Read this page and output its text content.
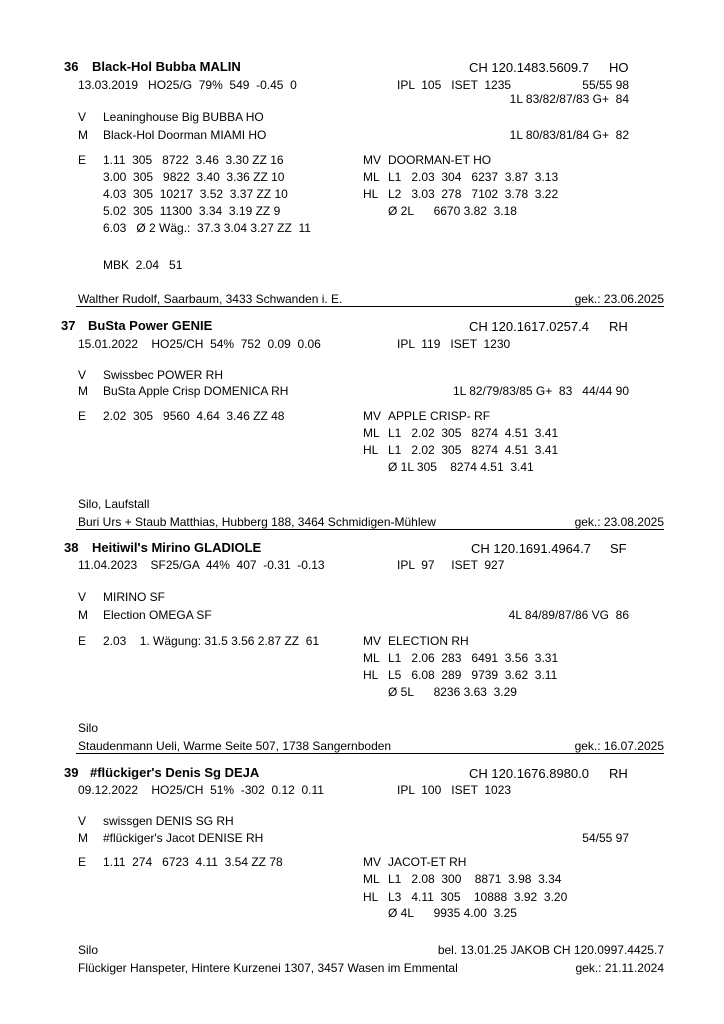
36 Black-Hol Bubba MALIN	CH 120.1483.5609.7 HO
13.03.2019   HO25/G  79%  549  -0.45  0	IPL  105   ISET  1235	55/55 98
1L 83/82/87/83 G+  84
V Leaninghouse Big BUBBA HO
M Black-Hol Doorman MIAMI HO	1L 80/83/81/84 G+  82
E 1.11  305   8722  3.46  3.30 ZZ 16
3.00  305   9822  3.40  3.36 ZZ 10
4.03  305  10217  3.52  3.37 ZZ 10
5.02  305  11300  3.34  3.19 ZZ 9
6.03   Ø 2 Wäg.:  37.3 3.04 3.27 ZZ  11
MBK  2.04   51
MV DOORMAN-ET HO
ML L1   2.03  304   6237  3.87  3.13
HL L2   3.03  278   7102  3.78  3.22
Ø 2L      6670 3.82  3.18
Walther Rudolf, Saarbaum, 3433 Schwanden i. E.	gek.: 23.06.2025
37 BuSta Power GENIE	CH 120.1617.0257.4 RH
15.01.2022    HO25/CH  54%  752  0.09  0.06	IPL  119   ISET  1230
V Swissbec POWER RH
M BuSta Apple Crisp DOMENICA RH	1L 82/79/83/85 G+  83   44/44 90
E 2.02  305   9560  4.64  3.46 ZZ 48	MV APPLE CRISP- RF
ML L1   2.02  305   8274  4.51  3.41
HL L1   2.02  305   8274  4.51  3.41
Ø 1L 305    8274 4.51  3.41
Silo, Laufstall
Buri Urs + Staub Matthias, Hubberg 188, 3464 Schmidigen-Mühlew	gek.: 23.08.2025
38 Heitiwil's Mirino GLADIOLE	CH 120.1691.4964.7 SF
11.04.2023    SF25/GA  44%  407  -0.31  -0.13	IPL  97     ISET  927
V MIRINO SF
M Election OMEGA SF	4L 84/89/87/86 VG  86
E 2.03    1. Wägung: 31.5 3.56 2.87 ZZ  61	MV ELECTION RH
ML L1   2.06  283   6491  3.56  3.31
HL L5   6.08  289   9739  3.62  3.11
Ø 5L      8236 3.63  3.29
Silo
Staudenmann Ueli, Warme Seite 507, 1738 Sangernboden	gek.: 16.07.2025
39 #flückiger's Denis Sg DEJA	CH 120.1676.8980.0 RH
09.12.2022    HO25/CH  51%  -302  0.12  0.11	IPL  100   ISET  1023
V swissgen DENIS SG RH
M #flückiger's Jacot DENISE RH	54/55 97
E 1.11  274   6723  4.11  3.54 ZZ 78	MV JACOT-ET RH
ML L1   2.08  300    8871  3.98  3.34
HL L3   4.11  305    10888  3.92  3.20
Ø 4L      9935 4.00  3.25
Silo	bel. 13.01.25 JAKOB CH 120.0997.4425.7
Flückiger Hanspeter, Hintere Kurzenei 1307, 3457 Wasen im Emmental	gek.: 21.11.2024
